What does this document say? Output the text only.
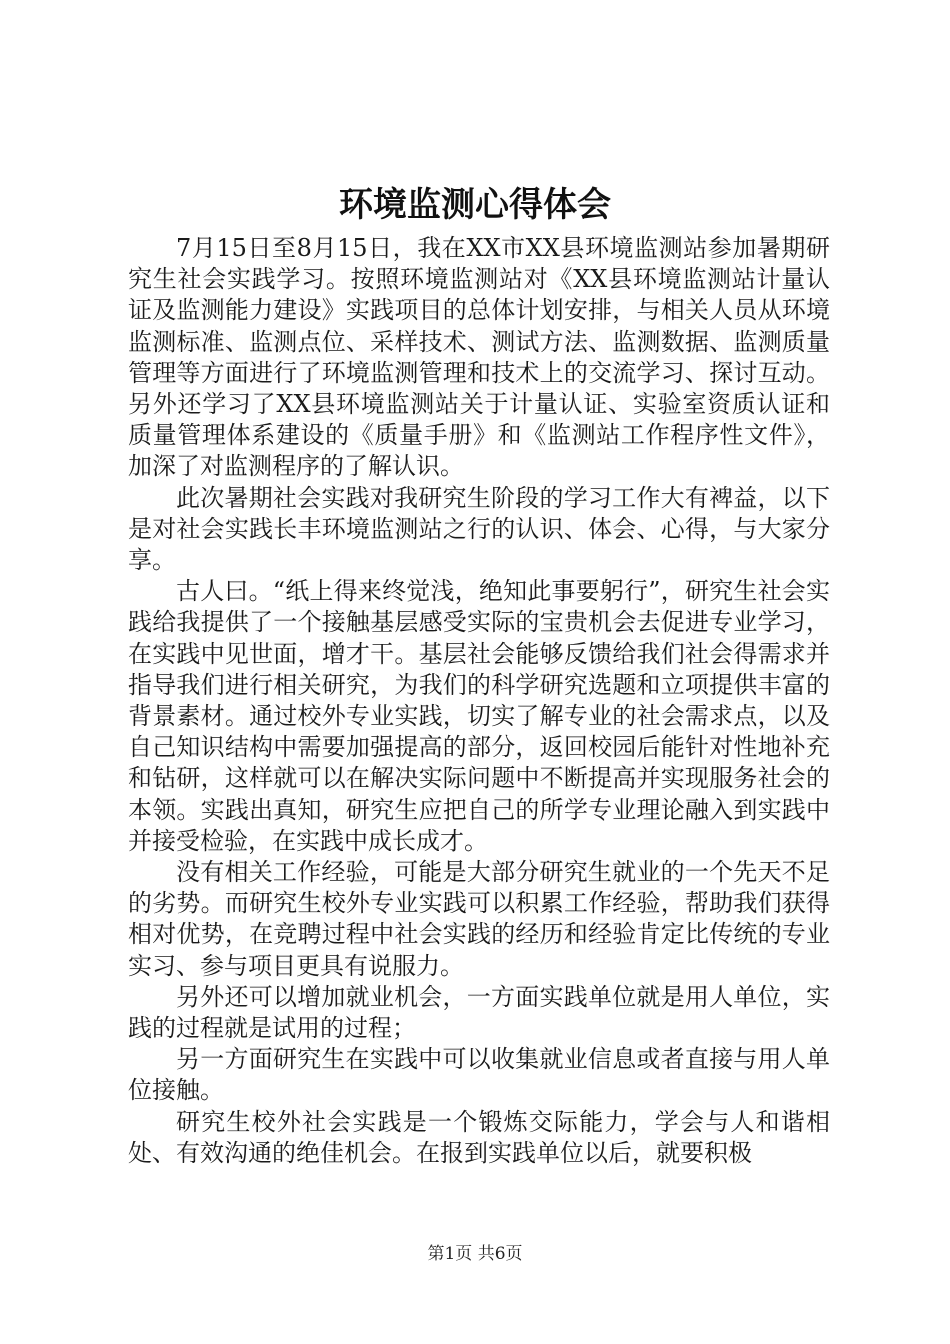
环境监测心得体会

7月15日至8月15日，我在XX市XX县环境监测站参加暑期研究生社会实践学习。按照环境监测站对《XX县环境监测站计量认证及监测能力建设》实践项目的总体计划安排，与相关人员从环境监测标准、监测点位、采样技术、测试方法、监测数据、监测质量管理等方面进行了环境监测管理和技术上的交流学习、探讨互动。另外还学习了XX县环境监测站关于计量认证、实验室资质认证和质量管理体系建设的《质量手册》和《监测站工作程序性文件》，加深了对监测程序的了解认识。

此次暑期社会实践对我研究生阶段的学习工作大有裨益，以下是对社会实践长丰环境监测站之行的认识、体会、心得，与大家分享。

古人曰。“纸上得来终觉浅，绝知此事要躬行”，研究生社会实践给我提供了一个接触基层感受实际的宝贵机会去促进专业学习，在实践中见世面，增才干。基层社会能够反馈给我们社会得需求并指导我们进行相关研究，为我们的科学研究选题和立项提供丰富的背景素材。通过校外专业实践，切实了解专业的社会需求点，以及自己知识结构中需要加强提高的部分，返回校园后能针对性地补充和钻研，这样就可以在解决实际问题中不断提高并实现服务社会的本领。实践出真知，研究生应把自己的所学专业理论融入到实践中并接受检验，在实践中成长成才。

没有相关工作经验，可能是大部分研究生就业的一个先天不足的劣势。而研究生校外专业实践可以积累工作经验，帮助我们获得相对优势，在竞聘过程中社会实践的经历和经验肯定比传统的专业实习、参与项目更具有说服力。

另外还可以增加就业机会，一方面实践单位就是用人单位，实践的过程就是试用的过程；

另一方面研究生在实践中可以收集就业信息或者直接与用人单位接触。

研究生校外社会实践是一个锻炼交际能力，学会与人和谐相处、有效沟通的绝佳机会。在报到实践单位以后，就要积极

第1页 共6页
